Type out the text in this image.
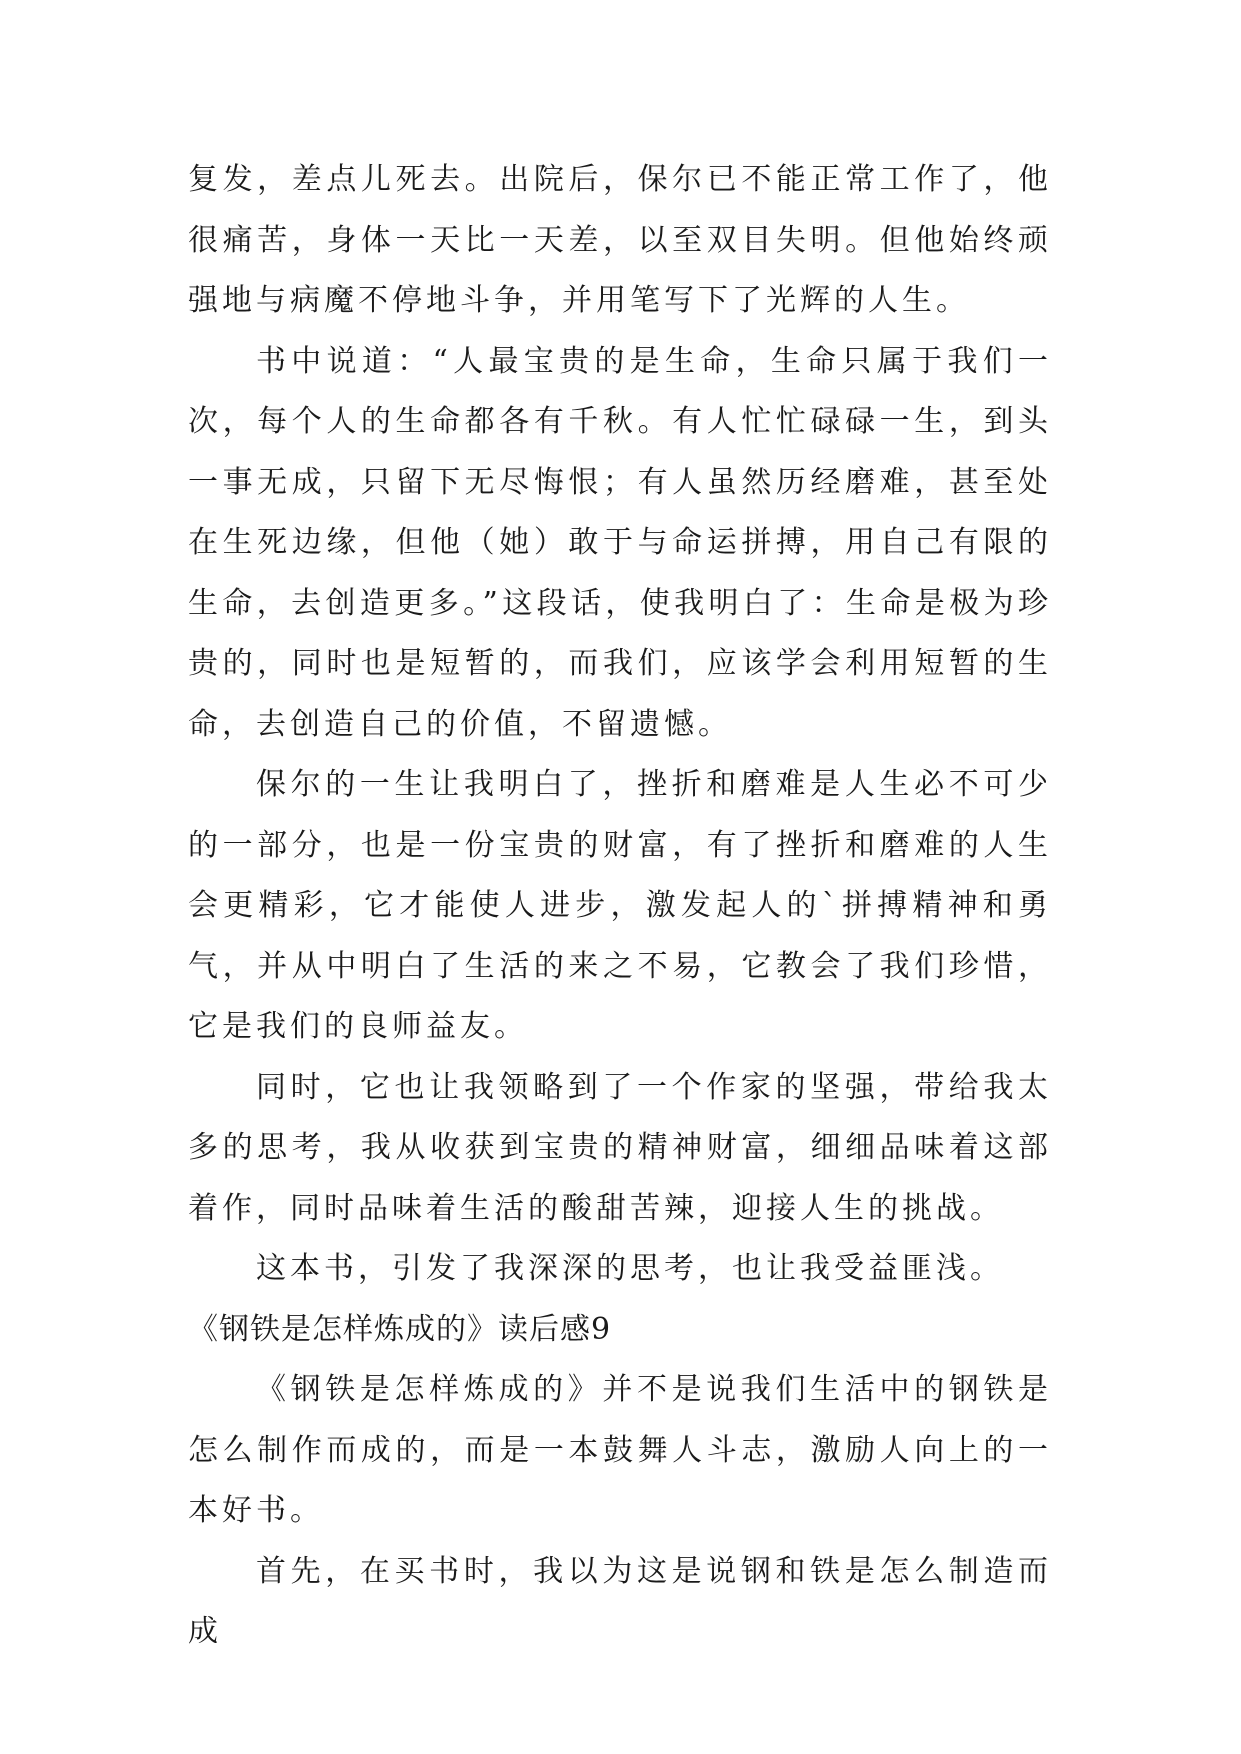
复发，差点儿死去。出院后，保尔已不能正常工作了，他很痛苦，身体一天比一天差，以至双目失明。但他始终顽强地与病魔不停地斗争，并用笔写下了光辉的人生。

书中说道：“人最宝贵的是生命，生命只属于我们一次，每个人的生命都各有千秋。有人忙忙碌碌一生，到头一事无成，只留下无尽悔恨；有人虽然历经磨难，甚至处在生死边缘，但他（她）敢于与命运拼搏，用自己有限的生命，去创造更多。”这段话，使我明白了：生命是极为珍贵的，同时也是短暂的，而我们，应该学会利用短暂的生命，去创造自己的价值，不留遗憾。

保尔的一生让我明白了，挫折和磨难是人生必不可少的一部分，也是一份宝贵的财富，有了挫折和磨难的人生会更精彩，它才能使人进步，激发起人的`拼搏精神和勇气，并从中明白了生活的来之不易，它教会了我们珍惜，它是我们的良师益友。

同时，它也让我领略到了一个作家的坚强，带给我太多的思考，我从收获到宝贵的精神财富，细细品味着这部着作，同时品味着生活的酸甜苦辣，迎接人生的挑战。

这本书，引发了我深深的思考，也让我受益匪浅。

《钢铁是怎样炼成的》读后感9

《钢铁是怎样炼成的》并不是说我们生活中的钢铁是怎么制作而成的，而是一本鼓舞人斗志，激励人向上的一本好书。

首先，在买书时，我以为这是说钢和铁是怎么制造而成
